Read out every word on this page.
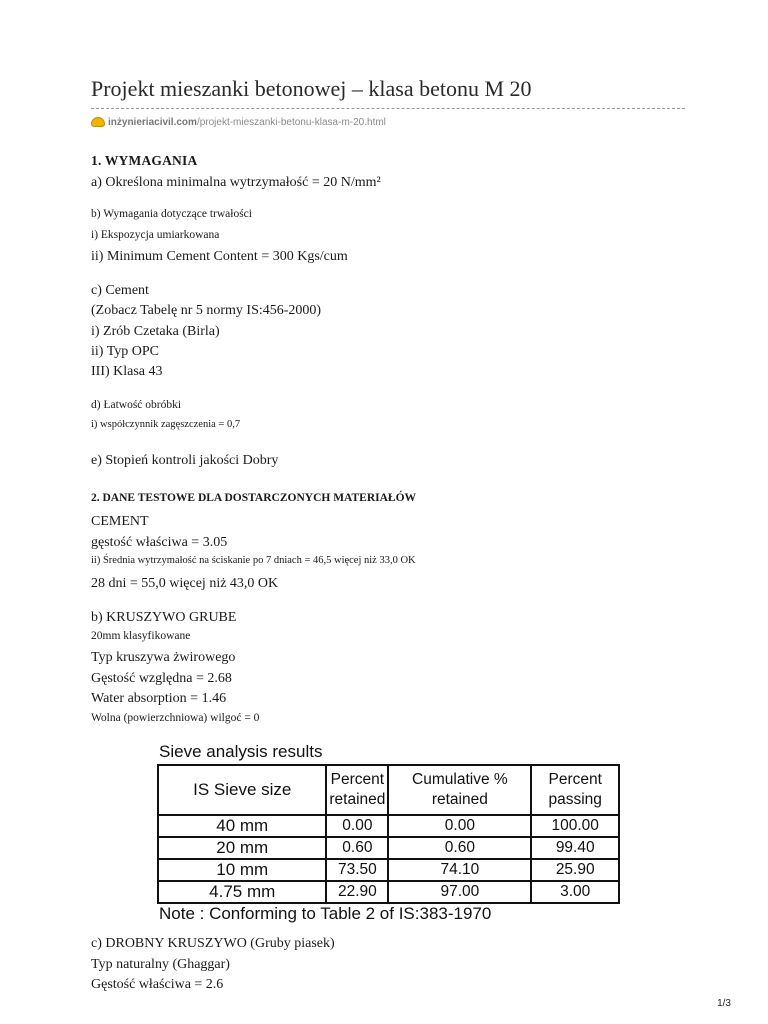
Projekt mieszanki betonowej – klasa betonu M 20
inżynieriacivil.com /projekt-mieszanki-betonu-klasa-m-20.html

1. WYMAGANIA

a) Określona minimalna wytrzymałość = 20 N/mm²

b) Wymagania dotyczące trwałości

i) Ekspozycja umiarkowana

ii) Minimum Cement Content = 300 Kgs/cum

c) Cement

(Zobacz Tabelę nr 5 normy IS:456-2000)

i) Zrób Czetaka (Birla)

ii) Typ OPC

III) Klasa 43

d) Łatwość obróbki

i) współczynnik zagęszczenia = 0,7

e) Stopień kontroli jakości Dobry

2. DANE TESTOWE DLA DOSTARCZONYCH MATERIAŁÓW

CEMENT

gęstość właściwa = 3.05

ii) Średnia wytrzymałość na ściskanie po 7 dniach = 46,5 więcej niż 33,0 OK

28 dni = 55,0 więcej niż 43,0 OK

b) KRUSZYWO GRUBE

20mm klasyfikowane

Typ kruszywa żwirowego

Gęstość względna = 2.68

Water absorption = 1.46

Wolna (powierzchniowa) wilgoć = 0

Sieve analysis results
IS Sieve size	Percent retained	Cumulative % retained	Percent passing
40 mm	0.00	0.00	100.00
20 mm	0.60	0.60	99.40
10 mm	73.50	74.10	25.90
4.75 mm	22.90	97.00	3.00
Note : Conforming to Table 2 of IS:383-1970

c) DROBNY KRUSZYWO (Gruby piasek)

Typ naturalny (Ghaggar)

Gęstość właściwa = 2.6

1/3
